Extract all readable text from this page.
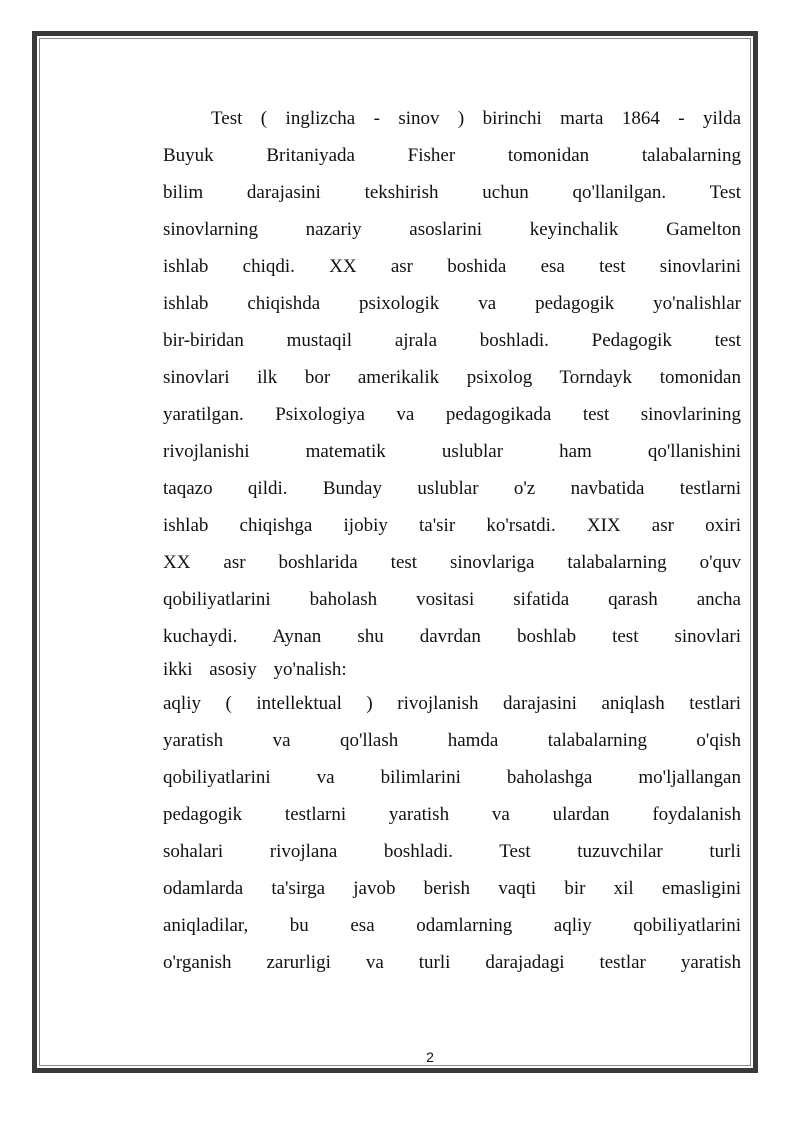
Test ( inglizcha - sinov ) birinchi marta 1864 - yilda
Buyuk Britaniyada Fisher tomonidan talabalarning
bilim darajasini tekshirish uchun qo'llanilgan. Test
sinovlarning nazariy asoslarini keyinchalik Gamelton
ishlab chiqdi. XX asr boshida esa test sinovlarini
ishlab chiqishda psixologik va pedagogik yo'nalishlar
bir-biridan mustaqil ajrala boshladi. Pedagogik test
sinovlari ilk bor amerikalik psixolog Torndayk tomonidan
yaratilgan. Psixologiya va pedagogikada test sinovlarining
rivojlanishi matematik uslublar ham qo'llanishini
taqazo qildi. Bunday uslublar o'z navbatida testlarni
ishlab chiqishga ijobiy ta'sir ko'rsatdi. XIX asr oxiri
XX asr boshlarida test sinovlariga talabalarning o'quv
qobiliyatlarini baholash vositasi sifatida qarash ancha
kuchaydi. Aynan shu davrdan boshlab test sinovlari
ikki asosiy yo'nalish:
aqliy ( intellektual ) rivojlanish darajasini aniqlash testlari
yaratish va qo'llash hamda talabalarning o'qish
qobiliyatlarini va bilimlarini baholashga mo'ljallangan
pedagogik testlarni yaratish va ulardan foydalanish
sohalari rivojlana boshladi. Test tuzuvchilar turli
odamlarda ta'sirga javob berish vaqti bir xil emasligini
aniqladilar, bu esa odamlarning aqliy qobiliyatlarini
o'rganish zarurligi va turli darajadagi testlar yaratish
2
